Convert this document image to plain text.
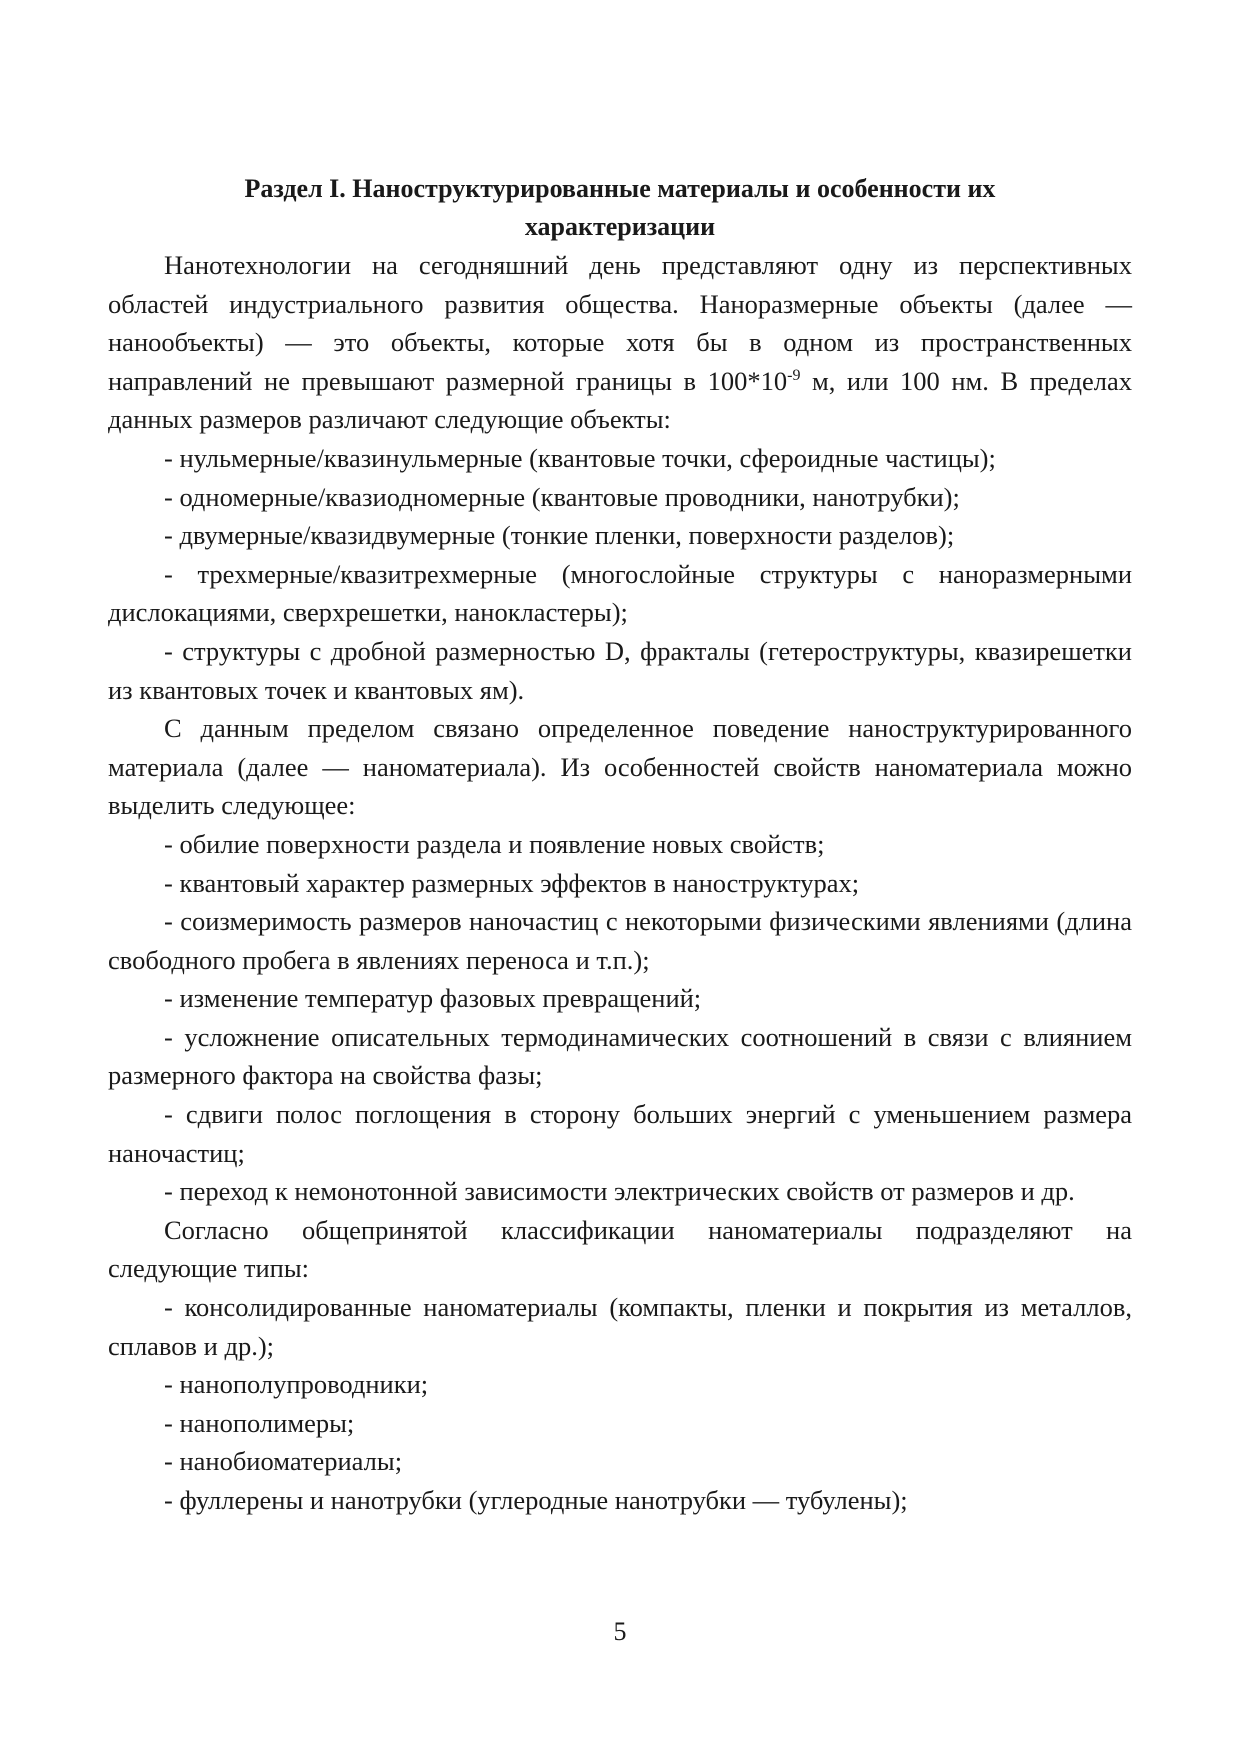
Раздел I. Наноструктурированные материалы и особенности их
характеризации

Нанотехнологии на сегодняшний день представляют одну из перспективных областей индустриального развития общества. Наноразмерные объекты (далее — нанообъекты) — это объекты, которые хотя бы в одном из пространственных направлений не превышают размерной границы в $100*10^{-9}$ м, или 100 нм. В пределах данных размеров различают следующие объекты:

- нульмерные/квазинульмерные (квантовые точки, сфероидные частицы);

- одномерные/квазиодномерные (квантовые проводники, нанотрубки);

- двумерные/квазидвумерные (тонкие пленки, поверхности разделов);

- трехмерные/квазитрехмерные (многослойные структуры с наноразмерными дислокациями, сверхрешетки, нанокластеры);

- структуры с дробной размерностью D, фракталы (гетероструктуры, квазирешетки из квантовых точек и квантовых ям).

С данным пределом связано определенное поведение наноструктурированного материала (далее — наноматериала). Из особенностей свойств наноматериала можно выделить следующее:

- обилие поверхности раздела и появление новых свойств;

- квантовый характер размерных эффектов в наноструктурах;

- соизмеримость размеров наночастиц с некоторыми физическими явлениями (длина свободного пробега в явлениях переноса и т.п.);

- изменение температур фазовых превращений;

- усложнение описательных термодинамических соотношений в связи с влиянием размерного фактора на свойства фазы;

- сдвиги полос поглощения в сторону больших энергий с уменьшением размера наночастиц;

- переход к немонотонной зависимости электрических свойств от размеров и др.

Согласно общепринятой классификации наноматериалы подразделяют на следующие типы:

- консолидированные наноматериалы (компакты, пленки и покрытия из металлов, сплавов и др.);

- нанополупроводники;

- нанополимеры;

- нанобиоматериалы;

- фуллерены и нанотрубки (углеродные нанотрубки — тубулены);

5
